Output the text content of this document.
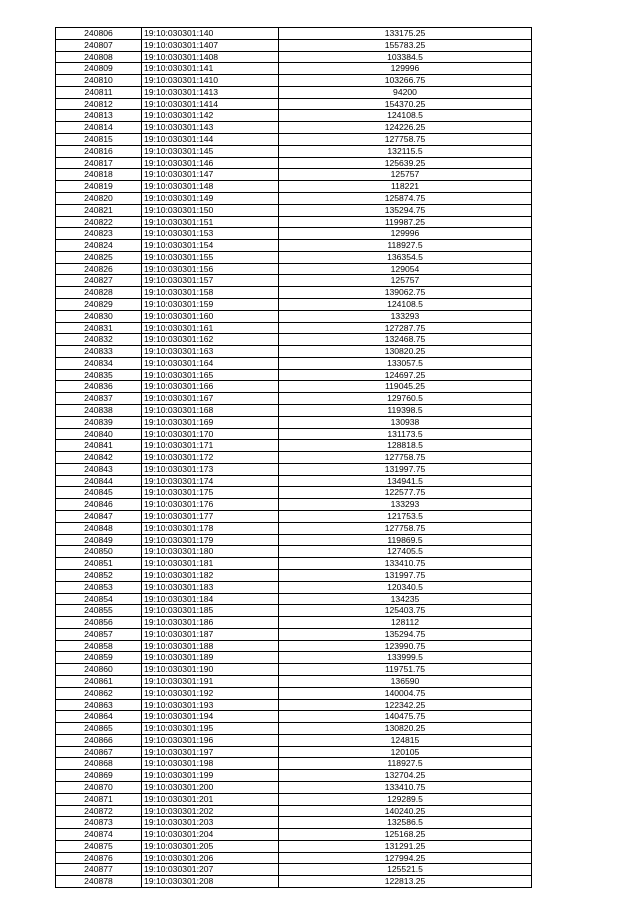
240806	19:10:030301:140	133175.25
240807	19:10:030301:1407	155783.25
240808	19:10:030301:1408	103384.5
240809	19:10:030301:141	129996
240810	19:10:030301:1410	103266.75
240811	19:10:030301:1413	94200
240812	19:10:030301:1414	154370.25
240813	19:10:030301:142	124108.5
240814	19:10:030301:143	124226.25
240815	19:10:030301:144	127758.75
240816	19:10:030301:145	132115.5
240817	19:10:030301:146	125639.25
240818	19:10:030301:147	125757
240819	19:10:030301:148	118221
240820	19:10:030301:149	125874.75
240821	19:10:030301:150	135294.75
240822	19:10:030301:151	119987.25
240823	19:10:030301:153	129996
240824	19:10:030301:154	118927.5
240825	19:10:030301:155	136354.5
240826	19:10:030301:156	129054
240827	19:10:030301:157	125757
240828	19:10:030301:158	139062.75
240829	19:10:030301:159	124108.5
240830	19:10:030301:160	133293
240831	19:10:030301:161	127287.75
240832	19:10:030301:162	132468.75
240833	19:10:030301:163	130820.25
240834	19:10:030301:164	133057.5
240835	19:10:030301:165	124697.25
240836	19:10:030301:166	119045.25
240837	19:10:030301:167	129760.5
240838	19:10:030301:168	119398.5
240839	19:10:030301:169	130938
240840	19:10:030301:170	131173.5
240841	19:10:030301:171	128818.5
240842	19:10:030301:172	127758.75
240843	19:10:030301:173	131997.75
240844	19:10:030301:174	134941.5
240845	19:10:030301:175	122577.75
240846	19:10:030301:176	133293
240847	19:10:030301:177	121753.5
240848	19:10:030301:178	127758.75
240849	19:10:030301:179	119869.5
240850	19:10:030301:180	127405.5
240851	19:10:030301:181	133410.75
240852	19:10:030301:182	131997.75
240853	19:10:030301:183	120340.5
240854	19:10:030301:184	134235
240855	19:10:030301:185	125403.75
240856	19:10:030301:186	128112
240857	19:10:030301:187	135294.75
240858	19:10:030301:188	123990.75
240859	19:10:030301:189	133999.5
240860	19:10:030301:190	119751.75
240861	19:10:030301:191	136590
240862	19:10:030301:192	140004.75
240863	19:10:030301:193	122342.25
240864	19:10:030301:194	140475.75
240865	19:10:030301:195	130820.25
240866	19:10:030301:196	124815
240867	19:10:030301:197	120105
240868	19:10:030301:198	118927.5
240869	19:10:030301:199	132704.25
240870	19:10:030301:200	133410.75
240871	19:10:030301:201	129289.5
240872	19:10:030301:202	140240.25
240873	19:10:030301:203	132586.5
240874	19:10:030301:204	125168.25
240875	19:10:030301:205	131291.25
240876	19:10:030301:206	127994.25
240877	19:10:030301:207	125521.5
240878	19:10:030301:208	122813.25
